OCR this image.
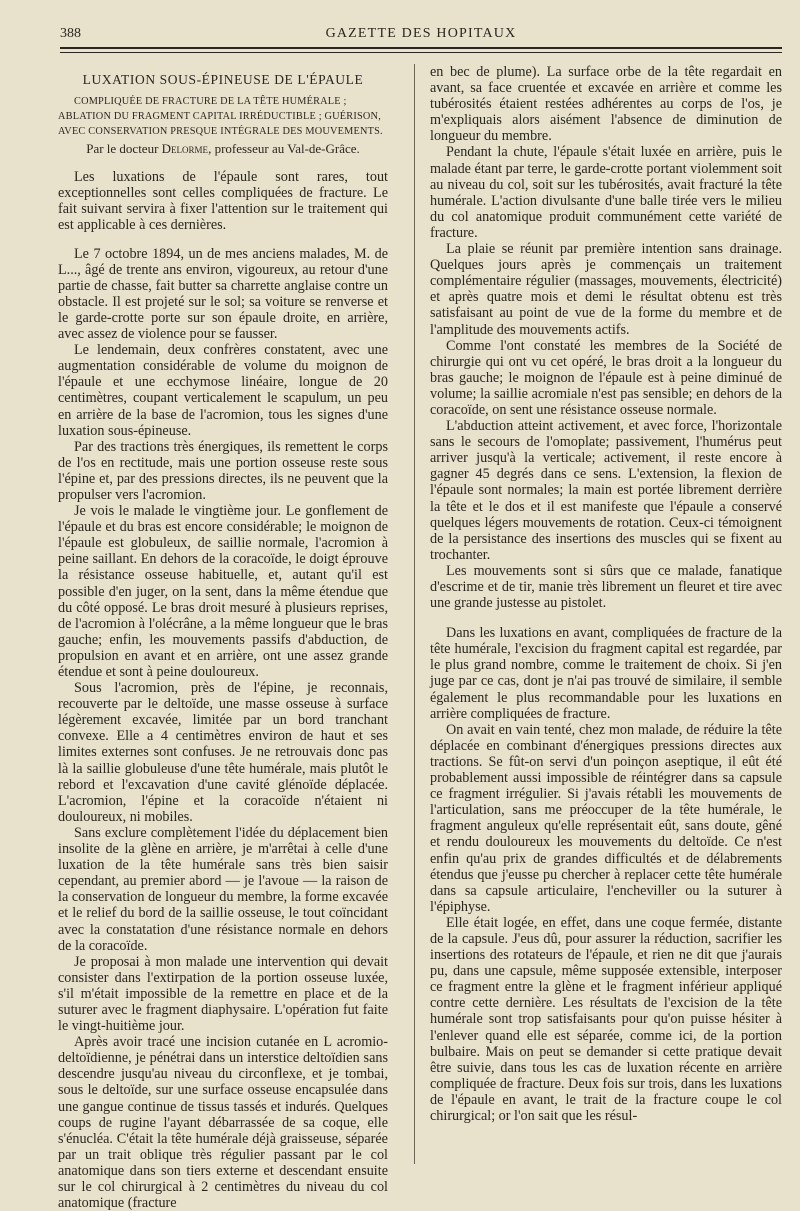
388	GAZETTE DES HOPITAUX
LUXATION SOUS-ÉPINEUSE DE L'ÉPAULE

COMPLIQUÉE DE FRACTURE DE LA TÊTE HUMÉRALE ; ABLATION DU FRAGMENT CAPITAL IRRÉDUCTIBLE ; GUÉRISON, AVEC CONSERVATION PRESQUE INTÉGRALE DES MOUVEMENTS.

Par le docteur Delorme, professeur au Val-de-Grâce.

Les luxations de l'épaule sont rares, tout exceptionnelles sont celles compliquées de fracture. Le fait suivant servira à fixer l'attention sur le traitement qui est applicable à ces dernières.

Le 7 octobre 1894, un de mes anciens malades, M. de L..., âgé de trente ans environ, vigoureux, au retour d'une partie de chasse, fait butter sa charrette anglaise contre un obstacle. Il est projeté sur le sol; sa voiture se renverse et le garde-crotte porte sur son épaule droite, en arrière, avec assez de violence pour se fausser.

Le lendemain, deux confrères constatent, avec une augmentation considérable de volume du moignon de l'épaule et une ecchymose linéaire, longue de 20 centimètres, coupant verticalement le scapulum, un peu en arrière de la base de l'acromion, tous les signes d'une luxation sous-épineuse.

Par des tractions très énergiques, ils remettent le corps de l'os en rectitude, mais une portion osseuse reste sous l'épine et, par des pressions directes, ils ne peuvent que la propulser vers l'acromion.

Je vois le malade le vingtième jour. Le gonflement de l'épaule et du bras est encore considérable; le moignon de l'épaule est globuleux, de saillie normale, l'acromion à peine saillant. En dehors de la coracoïde, le doigt éprouve la résistance osseuse habituelle, et, autant qu'il est possible d'en juger, on la sent, dans la même étendue que du côté opposé. Le bras droit mesuré à plusieurs reprises, de l'acromion à l'olécrâne, a la même longueur que le bras gauche; enfin, les mouvements passifs d'abduction, de propulsion en avant et en arrière, ont une assez grande étendue et sont à peine douloureux.

Sous l'acromion, près de l'épine, je reconnais, recouverte par le deltoïde, une masse osseuse à surface légèrement excavée, limitée par un bord tranchant convexe. Elle a 4 centimètres environ de haut et ses limites externes sont confuses. Je ne retrouvais donc pas là la saillie globuleuse d'une tête humérale, mais plutôt le rebord et l'excavation d'une cavité glénoïde déplacée. L'acromion, l'épine et la coracoïde n'étaient ni douloureux, ni mobiles.

Sans exclure complètement l'idée du déplacement bien insolite de la glène en arrière, je m'arrêtai à celle d'une luxation de la tête humérale sans très bien saisir cependant, au premier abord — je l'avoue — la raison de la conservation de longueur du membre, la forme excavée et le relief du bord de la saillie osseuse, le tout coïncidant avec la constatation d'une résistance normale en dehors de la coracoïde.

Je proposai à mon malade une intervention qui devait consister dans l'extirpation de la portion osseuse luxée, s'il m'était impossible de la remettre en place et de la suturer avec le fragment diaphysaire. L'opération fut faite le vingt-huitième jour.

Après avoir tracé une incision cutanée en L acromio-deltoïdienne, je pénétrai dans un interstice deltoïdien sans descendre jusqu'au niveau du circonflexe, et je tombai, sous le deltoïde, sur une surface osseuse encapsulée dans une gangue continue de tissus tassés et indurés. Quelques coups de rugine l'ayant débarrassée de sa coque, elle s'énucléa. C'était la tête humérale déjà graisseuse, séparée par un trait oblique très régulier passant par le col anatomique dans son tiers externe et descendant ensuite sur le col chirurgical à 2 centimètres du niveau du col anatomique (fracture

en bec de plume). La surface orbe de la tête regardait en avant, sa face cruentée et excavée en arrière et comme les tubérosités étaient restées adhérentes au corps de l'os, je m'expliquais alors aisément l'absence de diminution de longueur du membre.

Pendant la chute, l'épaule s'était luxée en arrière, puis le malade étant par terre, le garde-crotte portant violemment soit au niveau du col, soit sur les tubérosités, avait fracturé la tête humérale. L'action divulsante d'une balle tirée vers le milieu du col anatomique produit communément cette variété de fracture.

La plaie se réunit par première intention sans drainage. Quelques jours après je commençais un traitement complémentaire régulier (massages, mouvements, électricité) et après quatre mois et demi le résultat obtenu est très satisfaisant au point de vue de la forme du membre et de l'amplitude des mouvements actifs.

Comme l'ont constaté les membres de la Société de chirurgie qui ont vu cet opéré, le bras droit a la longueur du bras gauche; le moignon de l'épaule est à peine diminué de volume; la saillie acromiale n'est pas sensible; en dehors de la coracoïde, on sent une résistance osseuse normale.

L'abduction atteint activement, et avec force, l'horizontale sans le secours de l'omoplate; passivement, l'humérus peut arriver jusqu'à la verticale; activement, il reste encore à gagner 45 degrés dans ce sens. L'extension, la flexion de l'épaule sont normales; la main est portée librement derrière la tête et le dos et il est manifeste que l'épaule a conservé quelques légers mouvements de rotation. Ceux-ci témoignent de la persistance des insertions des muscles qui se fixent au trochanter.

Les mouvements sont si sûrs que ce malade, fanatique d'escrime et de tir, manie très librement un fleuret et tire avec une grande justesse au pistolet.

Dans les luxations en avant, compliquées de fracture de la tête humérale, l'excision du fragment capital est regardée, par le plus grand nombre, comme le traitement de choix. Si j'en juge par ce cas, dont je n'ai pas trouvé de similaire, il semble également le plus recommandable pour les luxations en arrière compliquées de fracture.

On avait en vain tenté, chez mon malade, de réduire la tête déplacée en combinant d'énergiques pressions directes aux tractions. Se fût-on servi d'un poinçon aseptique, il eût été probablement aussi impossible de réintégrer dans sa capsule ce fragment irrégulier. Si j'avais rétabli les mouvements de l'articulation, sans me préoccuper de la tête humérale, le fragment anguleux qu'elle représentait eût, sans doute, gêné et rendu douloureux les mouvements du deltoïde. Ce n'est enfin qu'au prix de grandes difficultés et de délabrements étendus que j'eusse pu chercher à replacer cette tête humérale dans sa capsule articulaire, l'encheviller ou la suturer à l'épiphyse.

Elle était logée, en effet, dans une coque fermée, distante de la capsule. J'eus dû, pour assurer la réduction, sacrifier les insertions des rotateurs de l'épaule, et rien ne dit que j'aurais pu, dans une capsule, même supposée extensible, interposer ce fragment entre la glène et le fragment inférieur appliqué contre cette dernière. Les résultats de l'excision de la tête humérale sont trop satisfaisants pour qu'on puisse hésiter à l'enlever quand elle est séparée, comme ici, de la portion bulbaire. Mais on peut se demander si cette pratique devait être suivie, dans tous les cas de luxation récente en arrière compliquée de fracture. Deux fois sur trois, dans les luxations de l'épaule en avant, le trait de la fracture coupe le col chirurgical; or l'on sait que les résul-
